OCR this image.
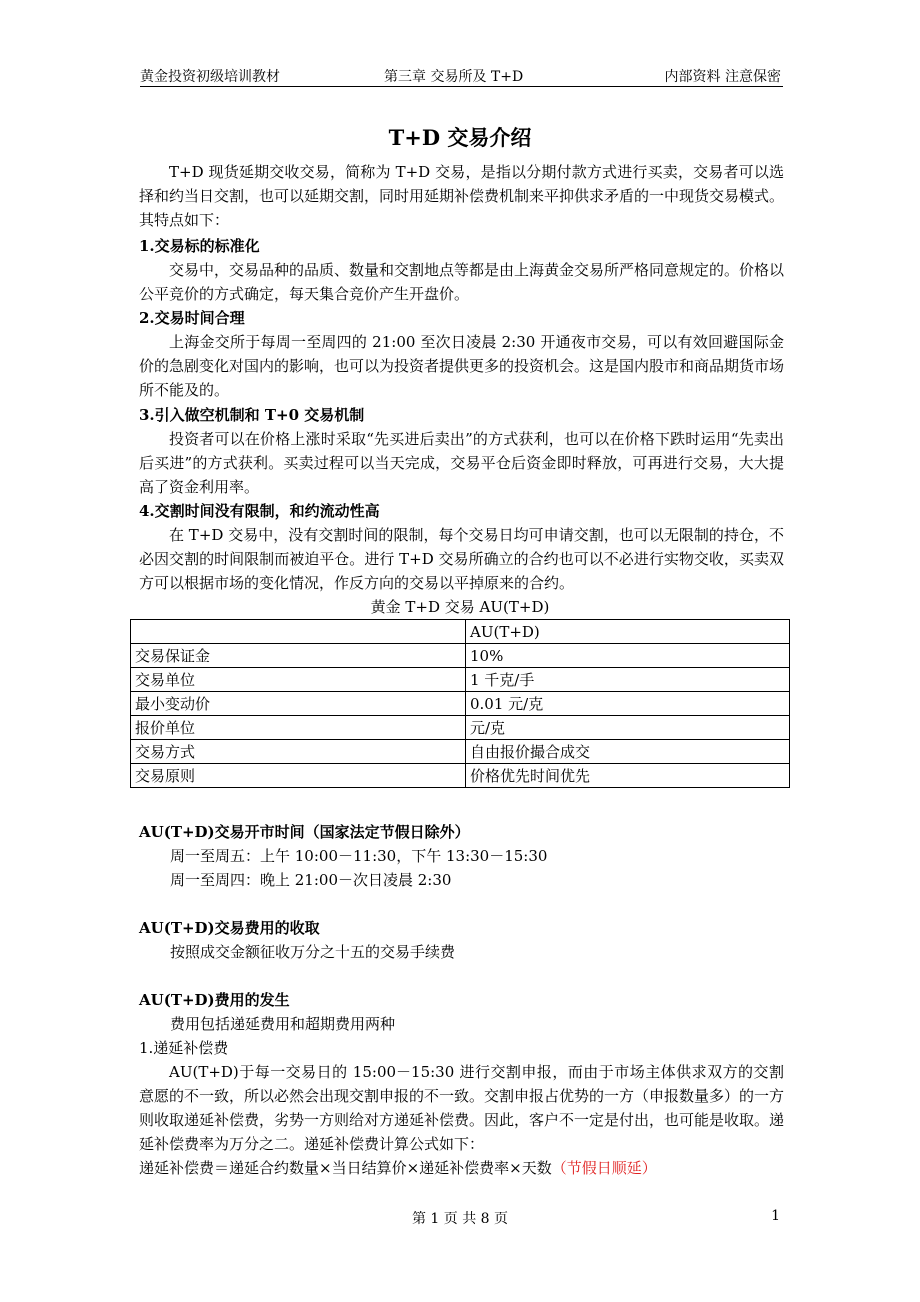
黄金投资初级培训教材	第三章 交易所及 T+D	内部资料 注意保密
T+D 交易介绍

T+D 现货延期交收交易，简称为 T+D 交易，是指以分期付款方式进行买卖，交易者可以选择和约当日交割，也可以延期交割，同时用延期补偿费机制来平抑供求矛盾的一中现货交易模式。其特点如下：

1.交易标的标准化

交易中，交易品种的品质、数量和交割地点等都是由上海黄金交易所严格同意规定的。价格以公平竞价的方式确定，每天集合竞价产生开盘价。

2.交易时间合理

上海金交所于每周一至周四的 21:00 至次日凌晨 2:30 开通夜市交易，可以有效回避国际金价的急剧变化对国内的影响，也可以为投资者提供更多的投资机会。这是国内股市和商品期货市场所不能及的。

3.引入做空机制和 T+0 交易机制

投资者可以在价格上涨时采取“先买进后卖出”的方式获利，也可以在价格下跌时运用“先卖出后买进”的方式获利。买卖过程可以当天完成，交易平仓后资金即时释放，可再进行交易，大大提高了资金利用率。

4.交割时间没有限制，和约流动性高

在 T+D 交易中，没有交割时间的限制，每个交易日均可申请交割，也可以无限制的持仓，不必因交割的时间限制而被迫平仓。进行 T+D 交易所确立的合约也可以不必进行实物交收，买卖双方可以根据市场的变化情况，作反方向的交易以平掉原来的合约。

黄金 T+D 交易 AU(T+D)
	AU(T+D)
交易保证金	10%
交易单位	1 千克/手
最小变动价	0.01 元/克
报价单位	元/克
交易方式	自由报价撮合成交
交易原则	价格优先时间优先
AU(T+D)交易开市时间（国家法定节假日除外）
周一至周五：上午 10:00－11:30，下午 13:30－15:30
周一至周四：晚上 21:00－次日凌晨 2:30
AU(T+D)交易费用的收取
按照成交金额征收万分之十五的交易手续费
AU(T+D)费用的发生
费用包括递延费用和超期费用两种
1.递延补偿费

AU(T+D)于每一交易日的 15:00－15:30 进行交割申报，而由于市场主体供求双方的交割意愿的不一致，所以必然会出现交割申报的不一致。交割申报占优势的一方（申报数量多）的一方则收取递延补偿费，劣势一方则给对方递延补偿费。因此，客户不一定是付出，也可能是收取。递延补偿费率为万分之二。递延补偿费计算公式如下：

递延补偿费＝递延合约数量×当日结算价×递延补偿费率×天数（节假日顺延）
第 1 页 共 8 页	1
